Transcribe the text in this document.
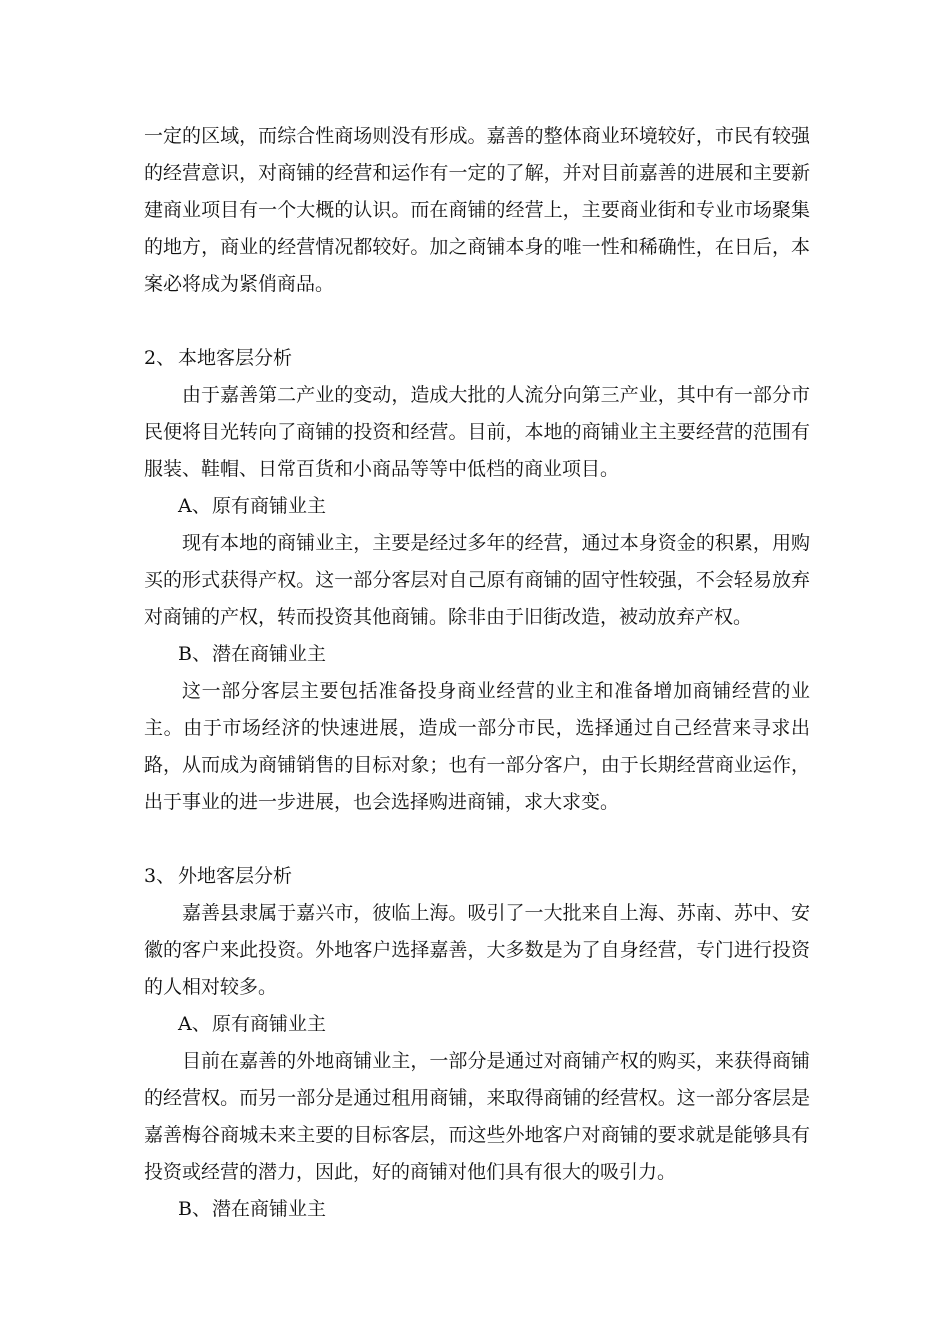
一定的区域，而综合性商场则没有形成。嘉善的整体商业环境较好，市民有较强的经营意识，对商铺的经营和运作有一定的了解，并对目前嘉善的进展和主要新建商业项目有一个大概的认识。而在商铺的经营上，主要商业街和专业市场聚集的地方，商业的经营情况都较好。加之商铺本身的唯一性和稀确性，在日后，本案必将成为紧俏商品。

2、 本地客层分析

由于嘉善第二产业的变动，造成大批的人流分向第三产业，其中有一部分市民便将目光转向了商铺的投资和经营。目前，本地的商铺业主主要经营的范围有服装、鞋帽、日常百货和小商品等等中低档的商业项目。

A、原有商铺业主

现有本地的商铺业主，主要是经过多年的经营，通过本身资金的积累，用购买的形式获得产权。这一部分客层对自己原有商铺的固守性较强，不会轻易放弃对商铺的产权，转而投资其他商铺。除非由于旧街改造，被动放弃产权。

B、潜在商铺业主

这一部分客层主要包括准备投身商业经营的业主和准备增加商铺经营的业主。由于市场经济的快速进展，造成一部分市民，选择通过自己经营来寻求出路，从而成为商铺销售的目标对象；也有一部分客户，由于长期经营商业运作，出于事业的进一步进展，也会选择购进商铺，求大求变。

3、 外地客层分析

嘉善县隶属于嘉兴市，彼临上海。吸引了一大批来自上海、苏南、苏中、安徽的客户来此投资。外地客户选择嘉善，大多数是为了自身经营，专门进行投资的人相对较多。

A、原有商铺业主

目前在嘉善的外地商铺业主，一部分是通过对商铺产权的购买，来获得商铺的经营权。而另一部分是通过租用商铺，来取得商铺的经营权。这一部分客层是嘉善梅谷商城未来主要的目标客层，而这些外地客户对商铺的要求就是能够具有投资或经营的潜力，因此，好的商铺对他们具有很大的吸引力。

B、潜在商铺业主
